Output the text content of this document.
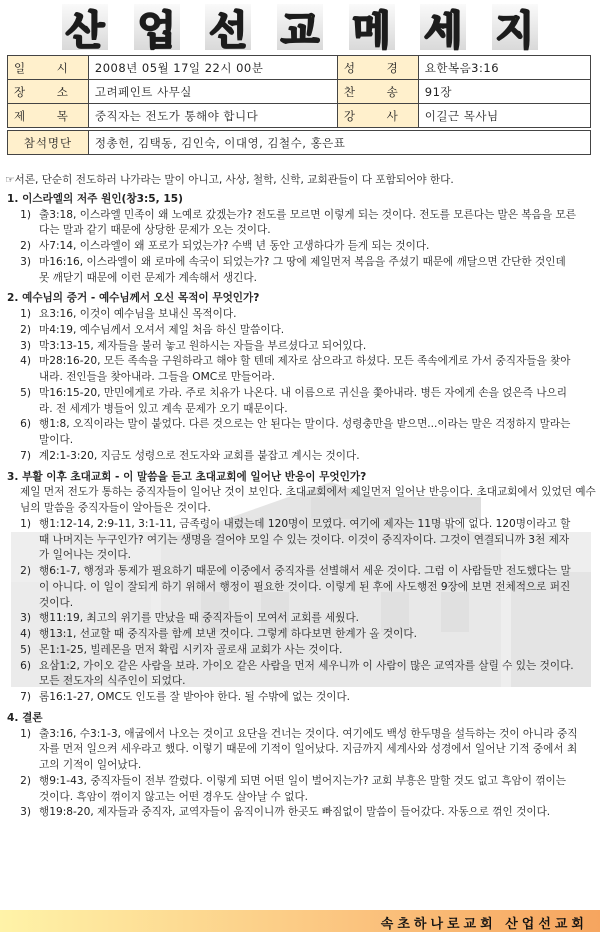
산 업 선 교 메 세 지
일 시	2008년 05월 17일 22시 00분	성 경	요한복음3:16
장 소	고려페인트 사무실	찬 송	91장
제 목	중직자는 전도가 통해야 합니다	강 사	이길근 목사님

참석명단	정총헌, 김택동, 김인숙, 이대영, 김철수, 홍은표		
☞서론, 단순히 전도하러 나가라는 말이 아니고, 사상, 철학, 신학, 교회관들이 다 포함되어야 한다.
1. 이스라엘의 저주 원인(창3:5, 15)
1) 출3:18, 이스라엘 민족이 왜 노예로 갔겠는가? 전도를 모르면 이렇게 되는 것이다. 전도를 모른다는 말은 복음을 모른다는 말과 같기 때문에 상당한 문제가 오는 것이다.
2) 사7:14, 이스라엘이 왜 포로가 되었는가? 수백 년 동안 고생하다가 듣게 되는 것이다.
3) 마16:16, 이스라엘이 왜 로마에 속국이 되었는가? 그 땅에 제일먼저 복음을 주셨기 때문에 깨달으면 간단한 것인데 못 깨닫기 때문에 이런 문제가 계속해서 생긴다.
2. 예수님의 증거 - 예수님께서 오신 목적이 무엇인가?
1) 요3:16, 이것이 예수님을 보내신 목적이다.
2) 마4:19, 예수님께서 오셔서 제일 처음 하신 말씀이다.
3) 막3:13-15, 제자들을 불러 놓고 원하시는 자들을 부르셨다고 되어있다.
4) 마28:16-20, 모든 족속을 구원하라고 해야 할 텐데 제자로 삼으라고 하셨다. 모든 족속에게로 가서 중직자들을 찾아내라. 전인들을 찾아내라. 그들을 OMC로 만들어라.
5) 막16:15-20, 만민에게로 가라. 주로 치유가 나온다. 내 이름으로 귀신을 쫓아내라. 병든 자에게 손을 얹은즉 나으리라. 전 세계가 병들어 있고 계속 문제가 오기 때문이다.
6) 행1:8, 오직이라는 말이 붙었다. 다른 것으로는 안 된다는 말이다. 성령충만을 받으면...이라는 말은 걱정하지 말라는 말이다.
7) 계2:1-3:20, 지금도 성령으로 전도자와 교회를 붙잡고 계시는 것이다.
3. 부활 이후 초대교회 - 이 말씀을 듣고 초대교회에 일어난 반응이 무엇인가?
제일 먼저 전도가 통하는 중직자들이 일어난 것이 보인다. 초대교회에서 제일먼저 일어난 반응이다. 초대교회에서 있었던 예수님의 말씀을 중직자들이 알아들은 것이다.
1) 행1:12-14, 2:9-11, 3:1-11, 금족령이 내렸는데 120명이 모였다. 여기에 제자는 11명 밖에 없다. 120명이라고 할 때 나머지는 누구인가? 여기는 생명을 걸어야 모일 수 있는 것이다. 이것이 중직자이다. 그것이 연결되니까 3천 제자가 일어나는 것이다.
2) 행6:1-7, 행정과 통제가 필요하기 때문에 이중에서 중직자를 선별해서 세운 것이다. 그럼 이 사람들만 전도했다는 말이 아니다. 이 일이 잘되게 하기 위해서 행정이 필요한 것이다. 이렇게 된 후에 사도행전 9장에 보면 전체적으로 퍼진 것이다.
3) 행11:19, 최고의 위기를 만났을 때 중직자들이 모여서 교회를 세웠다.
4) 행13:1, 선교할 때 중직자를 함께 보낸 것이다. 그렇게 하다보면 한계가 올 것이다.
5) 몬1:1-25, 빌레몬을 먼저 확립 시키자 골로새 교회가 사는 것이다.
6) 요삼1:2, 가이오 같은 사람을 보라. 가이오 같은 사람을 먼저 세우니까 이 사람이 많은 교역자를 살릴 수 있는 것이다. 모든 전도자의 식주인이 되었다.
7) 롬16:1-27, OMC도 인도를 잘 받아야 한다. 될 수밖에 없는 것이다.
4. 결론
1) 출3:16, 수3:1-3, 애굽에서 나오는 것이고 요단을 건너는 것이다. 여기에도 백성 한두명을 설득하는 것이 아니라 중직자를 먼저 일으켜 세우라고 했다. 이렇기 때문에 기적이 일어났다. 지금까지 세계사와 성경에서 일어난 기적 중에서 최고의 기적이 일어났다.
2) 행9:1-43, 중직자들이 전부 깔렸다. 이렇게 되면 어떤 일이 벌어지는가? 교회 부흥은 말할 것도 없고 흑암이 꺾이는 것이다. 흑암이 꺾이지 않고는 어떤 경우도 살아날 수 없다.
3) 행19:8-20, 제자들과 중직자, 교역자들이 움직이니까 한곳도 빠짐없이 말씀이 들어갔다. 자동으로 꺾인 것이다.
속초하나로교회 산업선교회
